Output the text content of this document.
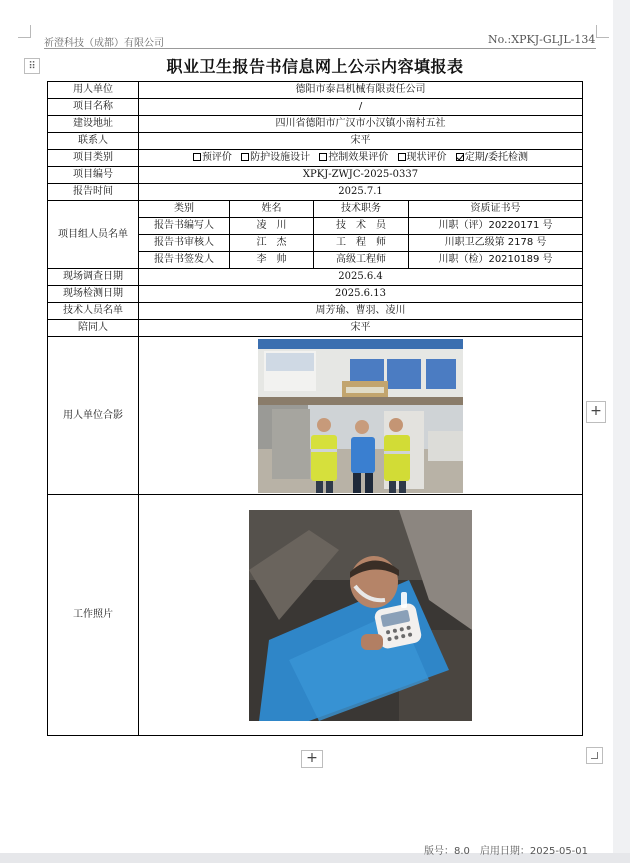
祈澄科技（成都）有限公司	No.:XPKJ-GLJL-134
⠿	职业卫生报告书信息网上公示内容填报表
用人单位	德阳市泰昌机械有限责任公司			
项目名称	/			
建设地址	四川省德阳市广汉市小汉镇小南村五社			
联系人	宋平			
项目类别	预评价 防护设施设计 控制效果评价 现状评价 定期/委托检测			
项目编号	XPKJ-ZWJC-2025-0337			
报告时间	2025.7.1			
项目组人员名单	类别	姓名	技术职务	资质证书号
	报告书编写人	凌　川	技　术　员	川职（评）20220171 号
	报告书审核人	江　杰	工　程　师	川职卫乙级第 2178 号
	报告书签发人	李　帅	高级工程师	川职（检）20210189 号
现场调查日期	2025.6.4			
现场检测日期	2025.6.13			
技术人员名单	周芳瑜、曹羽、凌川			
陪同人	宋平			
用人单位合影	

工作照片	
+
+
版号：8.0　启用日期：2025-05-01
